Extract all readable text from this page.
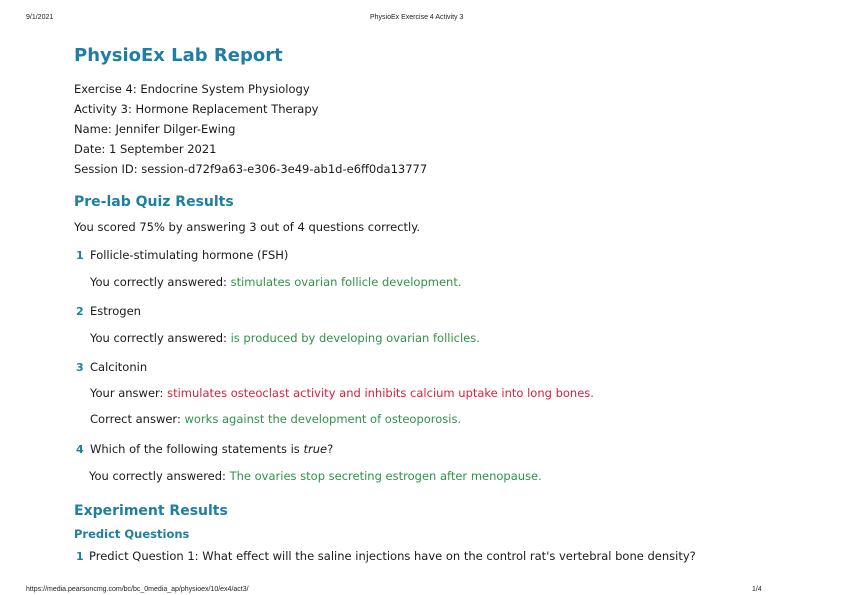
9/1/2021	PhysioEx Exercise 4 Activity 3
PhysioEx Lab Report
Exercise 4: Endocrine System Physiology
Activity 3: Hormone Replacement Therapy
Name: Jennifer Dilger-Ewing
Date: 1 September 2021
Session ID: session-d72f9a63-e306-3e49-ab1d-e6ff0da13777
Pre-lab Quiz Results
You scored 75% by answering 3 out of 4 questions correctly.
1 Follicle-stimulating hormone (FSH)
You correctly answered: stimulates ovarian follicle development.
2 Estrogen
You correctly answered: is produced by developing ovarian follicles.
3 Calcitonin
Your answer: stimulates osteoclast activity and inhibits calcium uptake into long bones.
Correct answer: works against the development of osteoporosis.
4 Which of the following statements is true?
You correctly answered: The ovaries stop secreting estrogen after menopause.
Experiment Results
Predict Questions
1 Predict Question 1: What effect will the saline injections have on the control rat's vertebral bone density?
https://media.pearsoncmg.com/bc/bc_0media_ap/physioex/10/ex4/act3/	1/4
